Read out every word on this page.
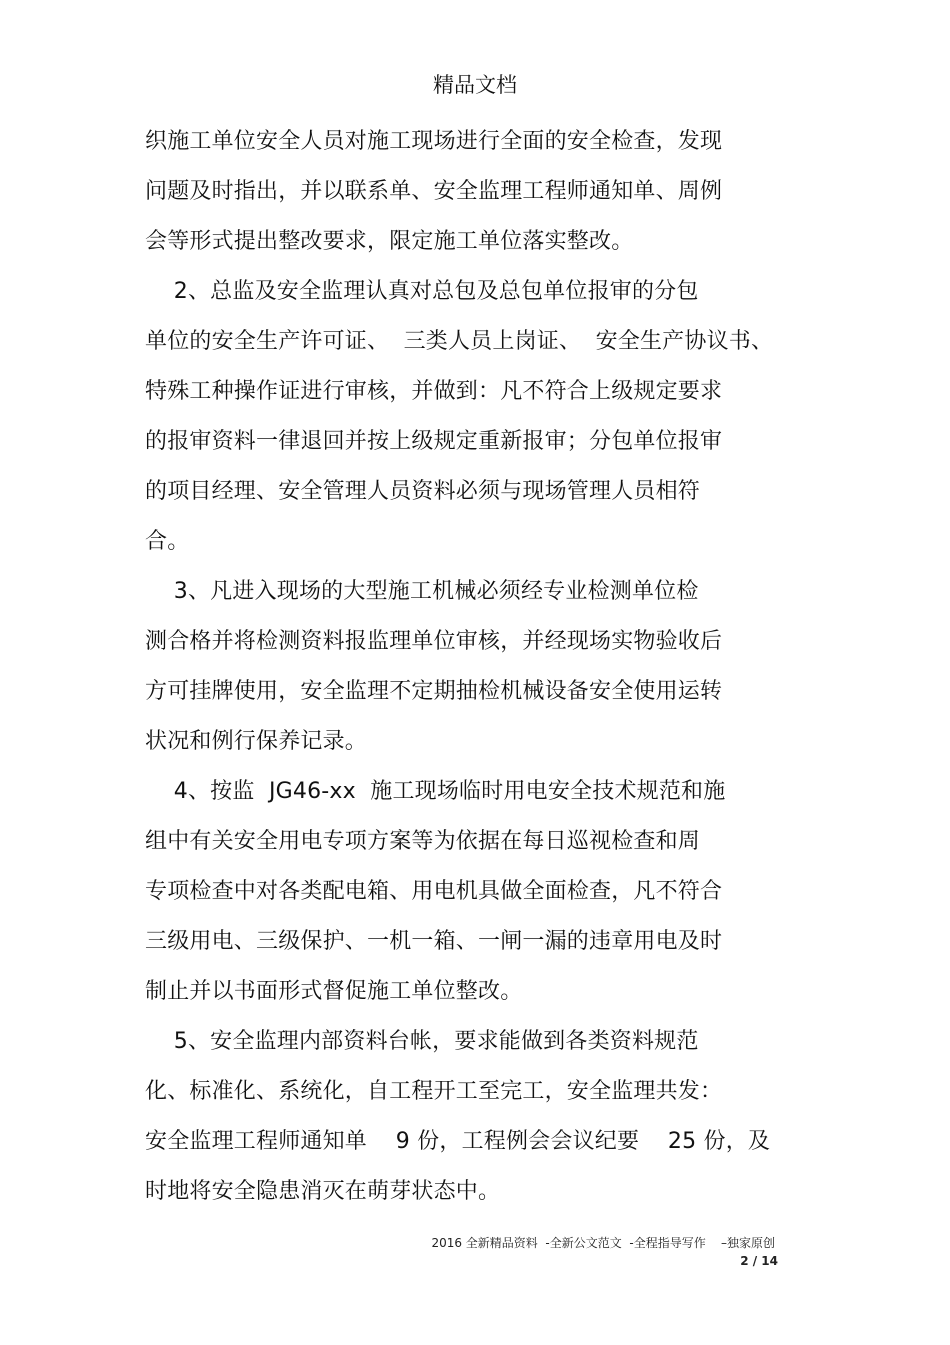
精品文档
织施工单位安全人员对施工现场进行全面的安全检查，发现
问题及时指出，并以联系单、安全监理工程师通知单、周例
会等形式提出整改要求，限定施工单位落实整改。
2、总监及安全监理认真对总包及总包单位报审的分包
单位的安全生产许可证、  三类人员上岗证、  安全生产协议书、
特殊工种操作证进行审核，并做到：凡不符合上级规定要求
的报审资料一律退回并按上级规定重新报审；分包单位报审
的项目经理、安全管理人员资料必须与现场管理人员相符
合。
3、凡进入现场的大型施工机械必须经专业检测单位检
测合格并将检测资料报监理单位审核，并经现场实物验收后
方可挂牌使用，安全监理不定期抽检机械设备安全使用运转
状况和例行保养记录。
4、按监  JG46-xx  施工现场临时用电安全技术规范和施
组中有关安全用电专项方案等为依据在每日巡视检查和周
专项检查中对各类配电箱、用电机具做全面检查，凡不符合
三级用电、三级保护、一机一箱、一闸一漏的违章用电及时
制止并以书面形式督促施工单位整改。
5、安全监理内部资料台帐，要求能做到各类资料规范
化、标准化、系统化，自工程开工至完工，安全监理共发：
安全监理工程师通知单    9 份，工程例会会议纪要    25 份，及
时地将安全隐患消灭在萌芽状态中。
2016 全新精品资料  -全新公文范文  -全程指导写作    –独家原创
2 / 14
